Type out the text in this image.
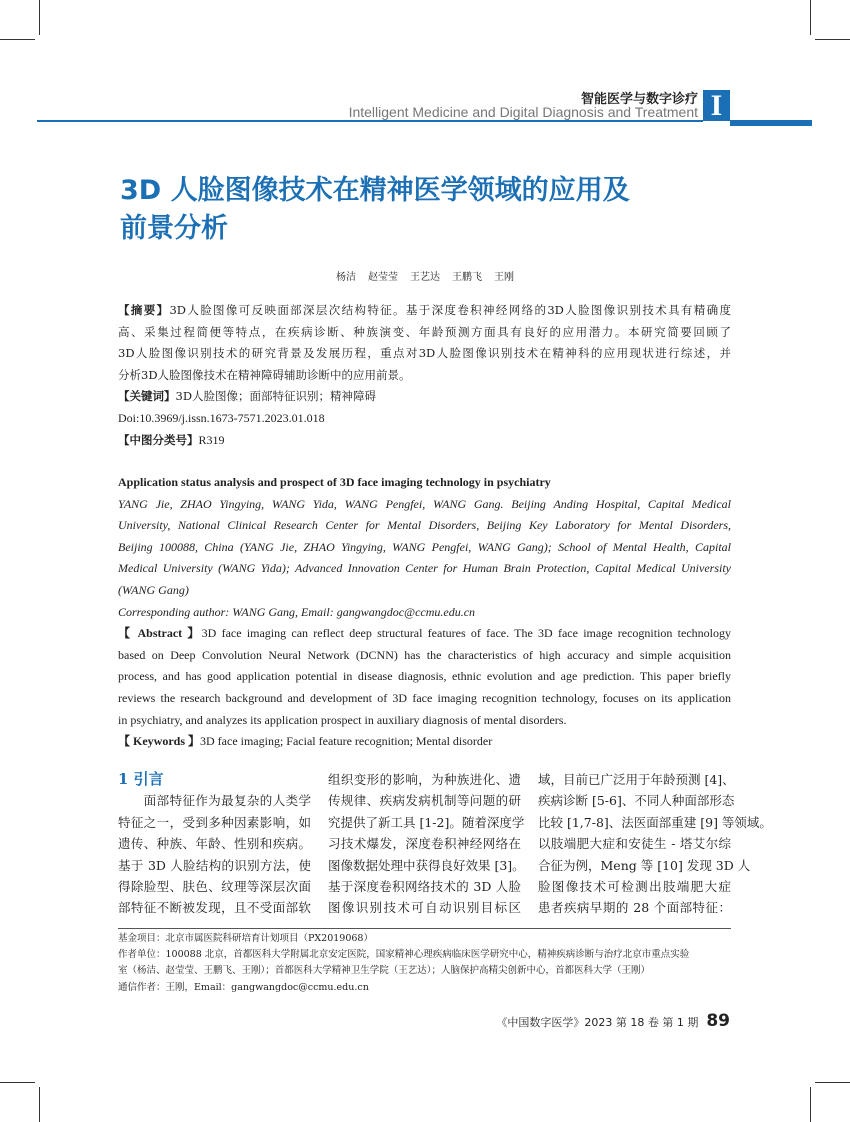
智能医学与数字诊疗
Intelligent Medicine and Digital Diagnosis and Treatment I
3D 人脸图像技术在精神医学领域的应用及
前景分析
杨洁 赵莹莹 王艺达 王鹏飞 王刚
【摘要】3D人脸图像可反映面部深层次结构特征。基于深度卷积神经网络的3D人脸图像识别技术具有精确度
高、采集过程简便等特点，在疾病诊断、种族演变、年龄预测方面具有良好的应用潜力。本研究简要回顾了
3D人脸图像识别技术的研究背景及发展历程，重点对3D人脸图像识别技术在精神科的应用现状进行综述，并
分析3D人脸图像技术在精神障碍辅助诊断中的应用前景。
【关键词】3D人脸图像；面部特征识别；精神障碍
Doi:10.3969/j.issn.1673-7571.2023.01.018
【中图分类号】R319
Application status analysis and prospect of 3D face imaging technology in psychiatry
YANG Jie, ZHAO Yingying, WANG Yida, WANG Pengfei, WANG Gang. Beijing Anding Hospital, Capital Medical
University, National Clinical Research Center for Mental Disorders, Beijing Key Laboratory for Mental Disorders,
Beijing 100088, China (YANG Jie, ZHAO Yingying, WANG Pengfei, WANG Gang); School of Mental Health, Capital
Medical University (WANG Yida); Advanced Innovation Center for Human Brain Protection, Capital Medical University
(WANG Gang)
Corresponding author: WANG Gang, Email: gangwangdoc@ccmu.edu.cn
【 Abstract 】3D face imaging can reflect deep structural features of face. The 3D face image recognition technology
based on Deep Convolution Neural Network (DCNN) has the characteristics of high accuracy and simple acquisition
process, and has good application potential in disease diagnosis, ethnic evolution and age prediction. This paper briefly
reviews the research background and development of 3D face imaging recognition technology, focuses on its application
in psychiatry, and analyzes its application prospect in auxiliary diagnosis of mental disorders.
【 Keywords 】3D face imaging; Facial feature recognition; Mental disorder
1 引言
　　面部特征作为最复杂的人类学
特征之一，受到多种因素影响，如
遗传、种族、年龄、性别和疾病。
基于 3D 人脸结构的识别方法，使
得除脸型、肤色、纹理等深层次面
部特征不断被发现，且不受面部软
组织变形的影响，为种族进化、遗
传规律、疾病发病机制等问题的研
究提供了新工具 [1-2]。随着深度学
习技术爆发，深度卷积神经网络在
图像数据处理中获得良好效果 [3]。
基于深度卷积网络技术的 3D 人脸
图像识别技术可自动识别目标区
域，目前已广泛用于年龄预测 [4]、
疾病诊断 [5-6]、不同人种面部形态
比较 [1,7-8]、法医面部重建 [9] 等领域。
以肢端肥大症和安徒生 - 塔艾尔综
合征为例，Meng 等 [10] 发现 3D 人
脸图像技术可检测出肢端肥大症
患者疾病早期的 28 个面部特征：
基金项目：北京市属医院科研培育计划项目（PX2019068）
作者单位：100088 北京，首都医科大学附属北京安定医院，国家精神心理疾病临床医学研究中心，精神疾病诊断与治疗北京市重点实验
室（杨洁、赵莹莹、王鹏飞、王刚）；首都医科大学精神卫生学院（王艺达）；人脑保护高精尖创新中心，首都医科大学（王刚）
通信作者：王刚，Email：gangwangdoc@ccmu.edu.cn
《中国数字医学》2023 第 18 卷 第 1 期 89
